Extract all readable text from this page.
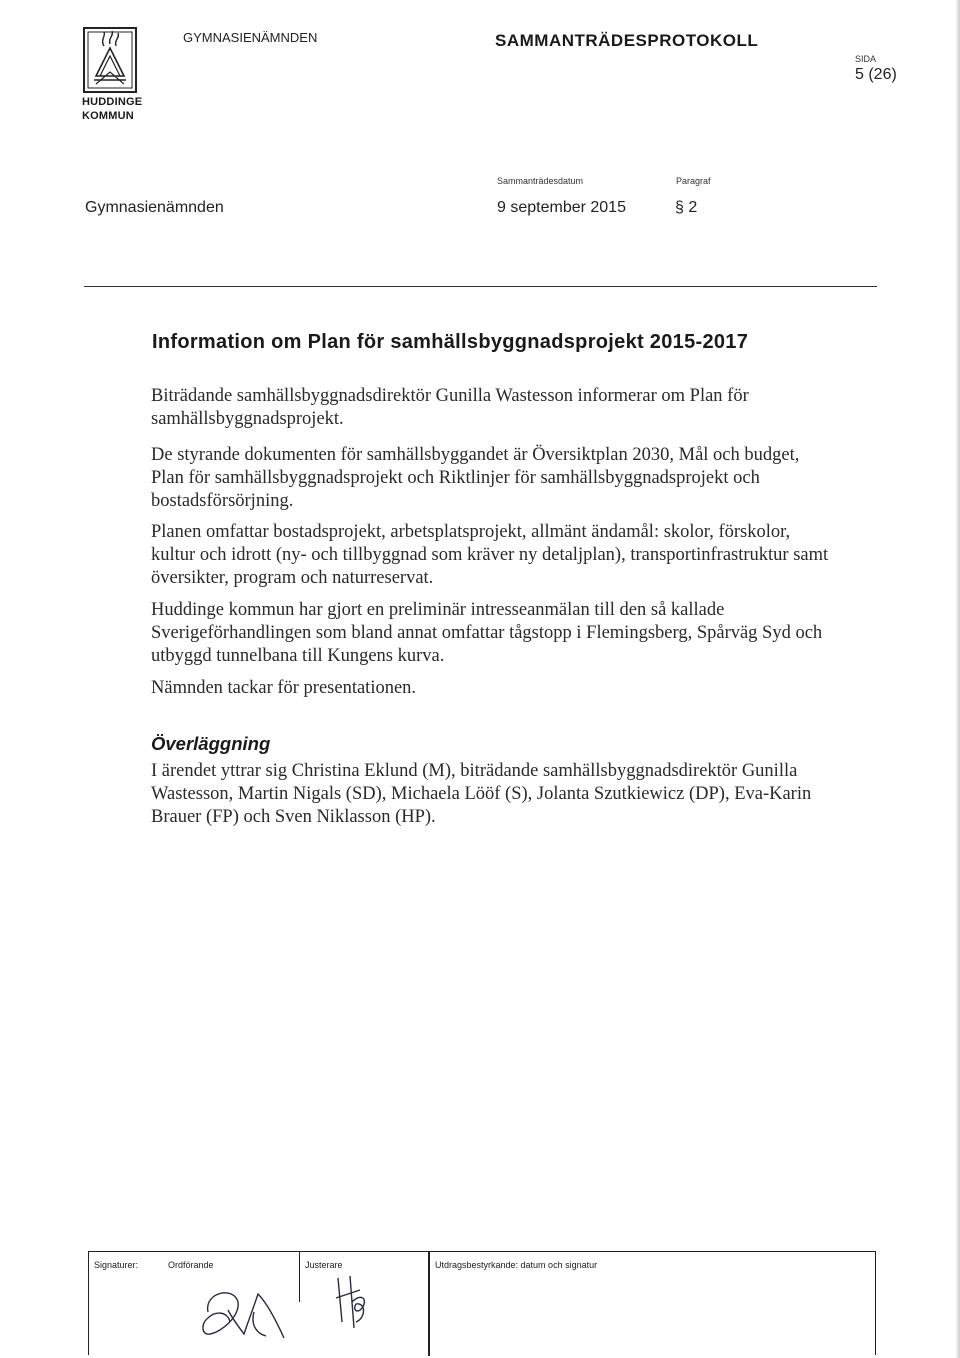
HUDDINGE
KOMMUN
GYMNASIENÄMNDEN	SAMMANTRÄDESPROTOKOLL
SIDA
5 (26)
Sammanträdesdatum	Paragraf
Gymnasienämnden	9 september 2015	§ 2
Information om Plan för samhällsbyggnadsprojekt 2015-2017

Biträdande samhällsbyggnadsdirektör Gunilla Wastesson informerar om Plan för samhällsbyggnadsprojekt.

De styrande dokumenten för samhällsbyggandet är Översiktplan 2030, Mål och budget, Plan för samhällsbyggnadsprojekt och Riktlinjer för samhällsbyggnadsprojekt och bostadsförsörjning.

Planen omfattar bostadsprojekt, arbetsplatsprojekt, allmänt ändamål: skolor, förskolor, kultur och idrott (ny- och tillbyggnad som kräver ny detaljplan), transportinfrastruktur samt översikter, program och naturreservat.

Huddinge kommun har gjort en preliminär intresseanmälan till den så kallade Sverigeförhandlingen som bland annat omfattar tågstopp i Flemingsberg, Spårväg Syd och utbyggd tunnelbana till Kungens kurva.

Nämnden tackar för presentationen.

Överläggning

I ärendet yttrar sig Christina Eklund (M), biträdande samhällsbyggnadsdirektör Gunilla Wastesson, Martin Nigals (SD), Michaela Lööf (S), Jolanta Szutkiewicz (DP), Eva-Karin Brauer (FP) och Sven Niklasson (HP).

Signaturer:	Ordförande	Justerare	Utdragsbestyrkande: datum och signatur
